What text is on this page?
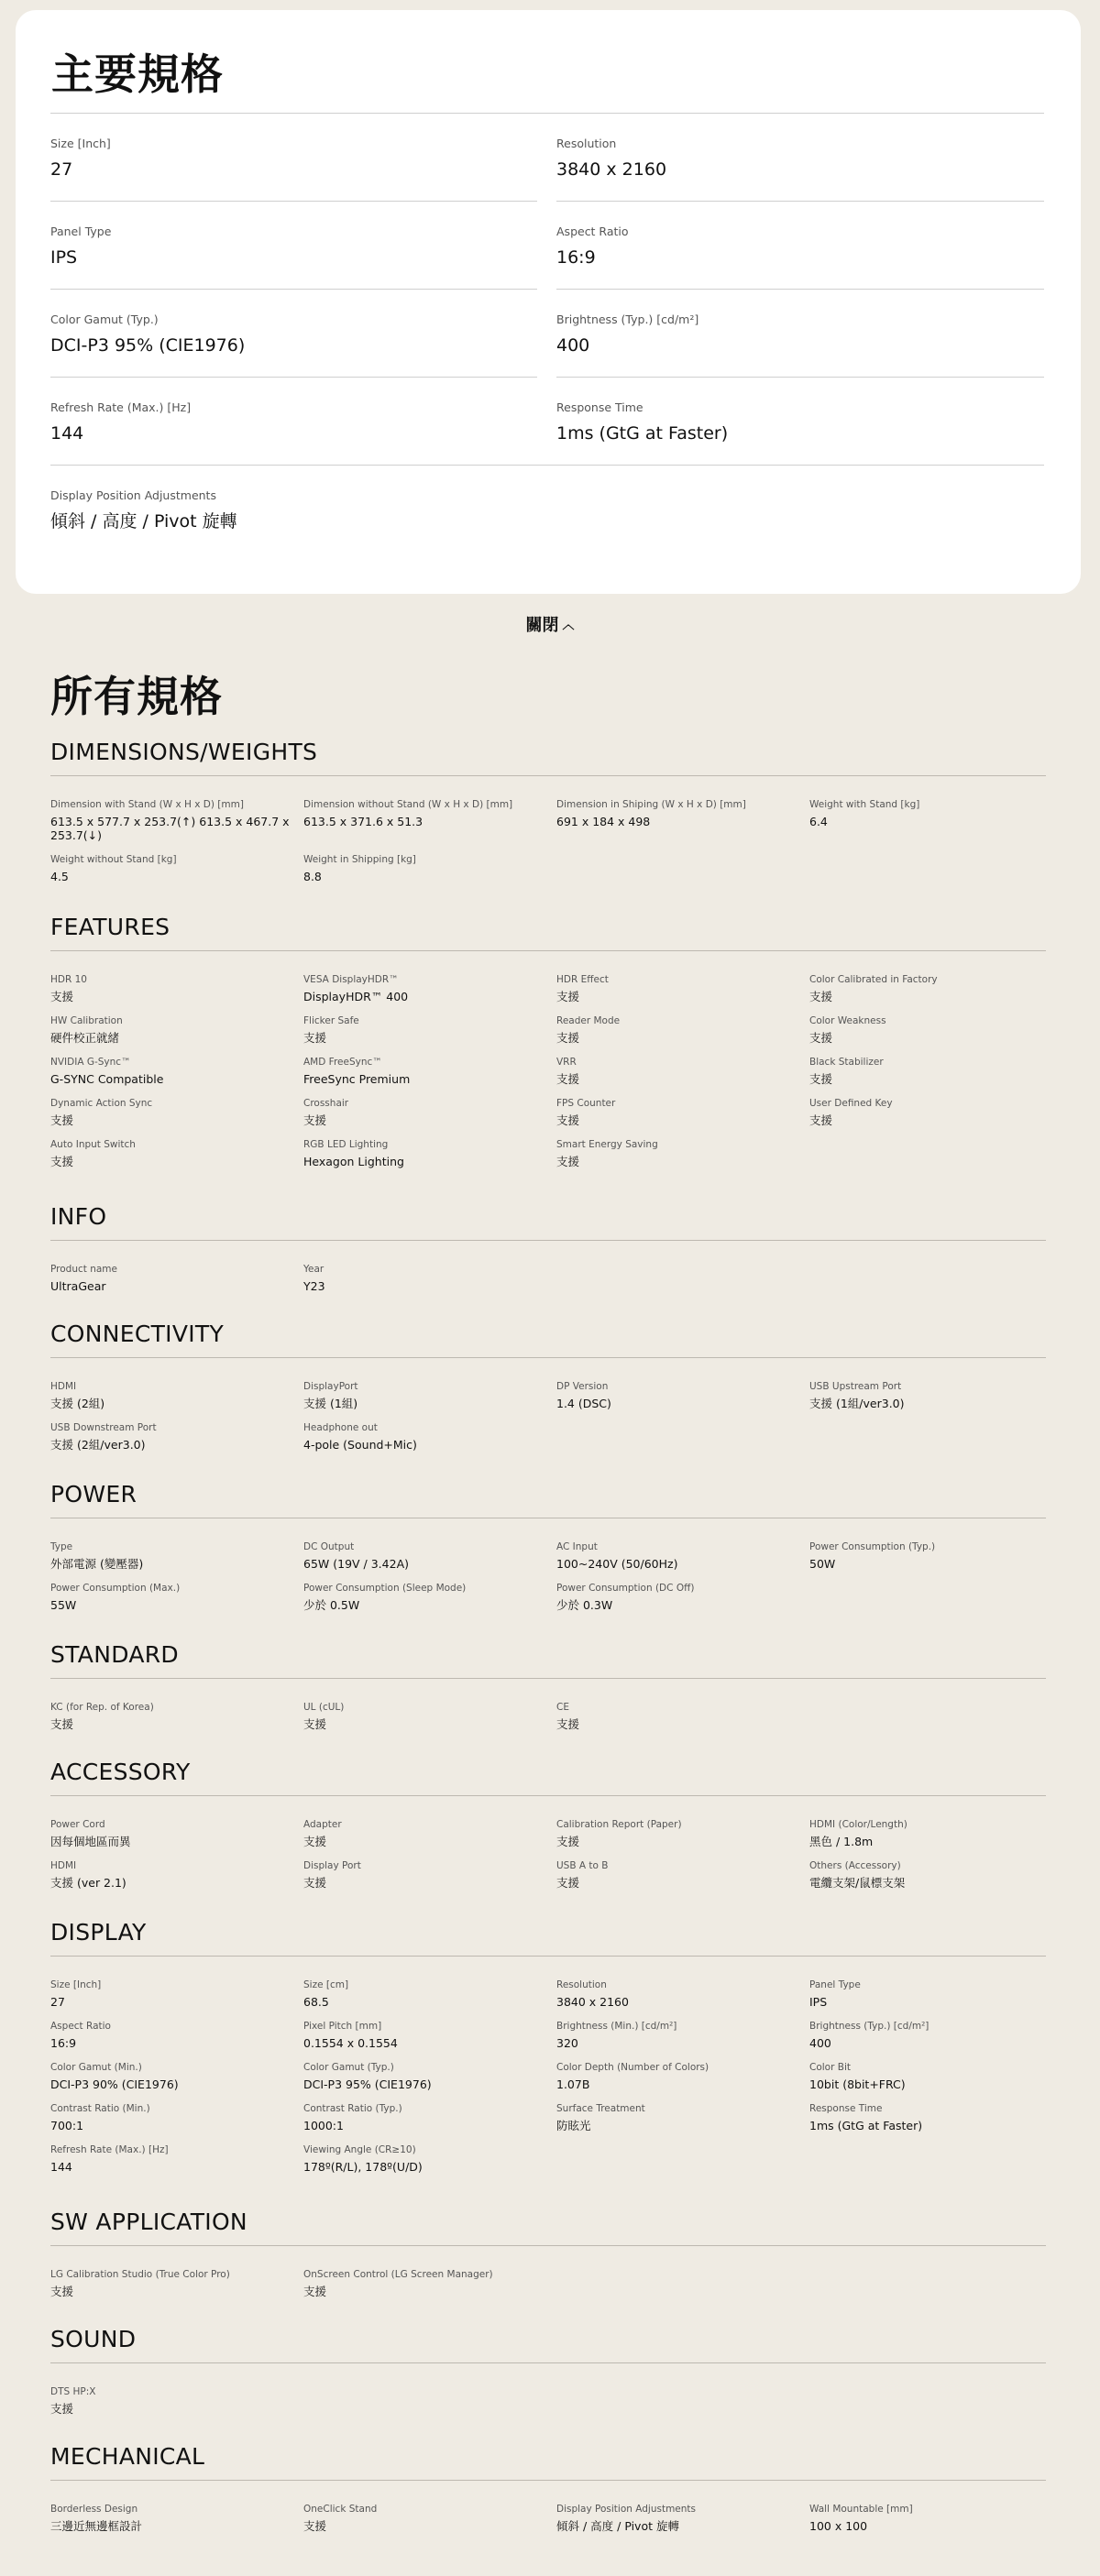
主要規格
Size [Inch]
27
Resolution
3840 x 2160
Panel Type
IPS
Aspect Ratio
16:9
Color Gamut (Typ.)
DCI-P3 95% (CIE1976)
Brightness (Typ.) [cd/m²]
400
Refresh Rate (Max.) [Hz]
144
Response Time
1ms (GtG at Faster)
Display Position Adjustments
傾斜 / 高度 / Pivot 旋轉
關閉 ︿
所有規格
DIMENSIONS/WEIGHTS
Dimension with Stand (W x H x D) [mm]
613.5 x 577.7 x 253.7(↑) 613.5 x 467.7 x 253.7(↓)
Dimension without Stand (W x H x D) [mm]
613.5 x 371.6 x 51.3
Dimension in Shiping (W x H x D) [mm]
691 x 184 x 498
Weight with Stand [kg]
6.4
Weight without Stand [kg]
4.5
Weight in Shipping [kg]
8.8
FEATURES
HDR 10
支援
VESA DisplayHDR™
DisplayHDR™ 400
HDR Effect
支援
Color Calibrated in Factory
支援
HW Calibration
硬件校正就緒
Flicker Safe
支援
Reader Mode
支援
Color Weakness
支援
NVIDIA G-Sync™
G-SYNC Compatible
AMD FreeSync™
FreeSync Premium
VRR
支援
Black Stabilizer
支援
Dynamic Action Sync
支援
Crosshair
支援
FPS Counter
支援
User Defined Key
支援
Auto Input Switch
支援
RGB LED Lighting
Hexagon Lighting
Smart Energy Saving
支援
INFO
Product name
UltraGear
Year
Y23
CONNECTIVITY
HDMI
支援 (2組)
DisplayPort
支援 (1組)
DP Version
1.4 (DSC)
USB Upstream Port
支援 (1組/ver3.0)
USB Downstream Port
支援 (2組/ver3.0)
Headphone out
4-pole (Sound+Mic)
POWER
Type
外部電源 (變壓器)
DC Output
65W (19V / 3.42A)
AC Input
100~240V (50/60Hz)
Power Consumption (Typ.)
50W
Power Consumption (Max.)
55W
Power Consumption (Sleep Mode)
少於 0.5W
Power Consumption (DC Off)
少於 0.3W
STANDARD
KC (for Rep. of Korea)
支援
UL (cUL)
支援
CE
支援
ACCESSORY
Power Cord
因每個地區而異
Adapter
支援
Calibration Report (Paper)
支援
HDMI (Color/Length)
黑色 / 1.8m
HDMI
支援 (ver 2.1)
Display Port
支援
USB A to B
支援
Others (Accessory)
電纜支架/鼠標支架
DISPLAY
Size [Inch]
27
Size [cm]
68.5
Resolution
3840 x 2160
Panel Type
IPS
Aspect Ratio
16:9
Pixel Pitch [mm]
0.1554 x 0.1554
Brightness (Min.) [cd/m²]
320
Brightness (Typ.) [cd/m²]
400
Color Gamut (Min.)
DCI-P3 90% (CIE1976)
Color Gamut (Typ.)
DCI-P3 95% (CIE1976)
Color Depth (Number of Colors)
1.07B
Color Bit
10bit (8bit+FRC)
Contrast Ratio (Min.)
700:1
Contrast Ratio (Typ.)
1000:1
Surface Treatment
防眩光
Response Time
1ms (GtG at Faster)
Refresh Rate (Max.) [Hz]
144
Viewing Angle (CR≥10)
178º(R/L), 178º(U/D)
SW APPLICATION
LG Calibration Studio (True Color Pro)
支援
OnScreen Control (LG Screen Manager)
支援
SOUND
DTS HP:X
支援
MECHANICAL
Borderless Design
三邊近無邊框設計
OneClick Stand
支援
Display Position Adjustments
傾斜 / 高度 / Pivot 旋轉
Wall Mountable [mm]
100 x 100
